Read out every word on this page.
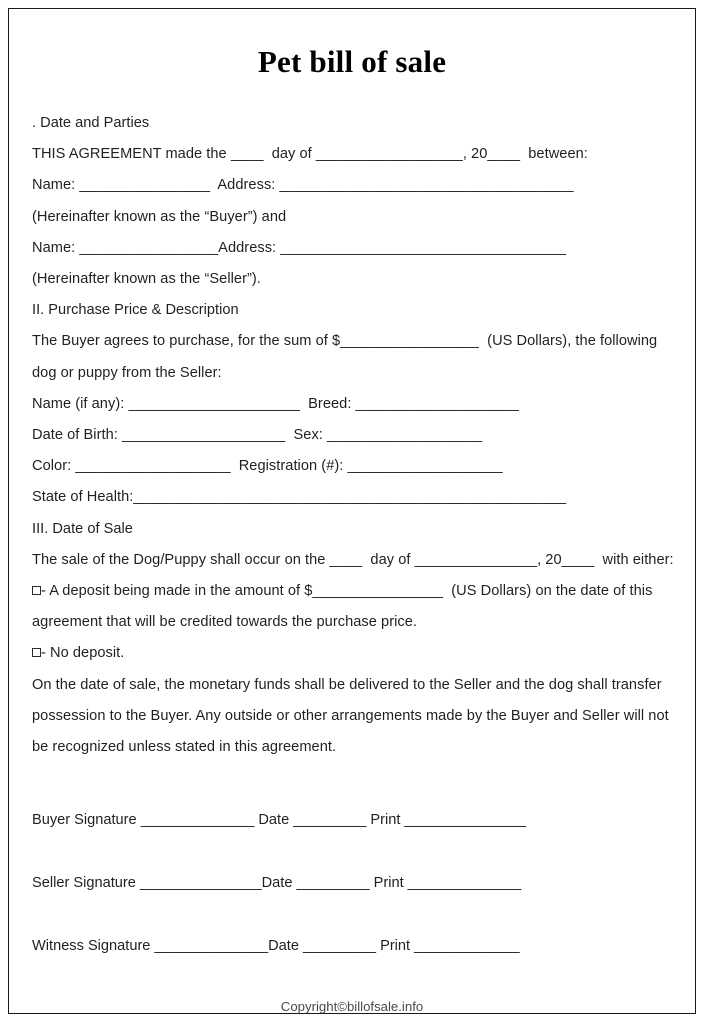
Pet bill of sale
. Date and Parties
THIS AGREEMENT made the ____  day of __________________, 20____  between:
Name: ________________  Address: ____________________________________
(Hereinafter known as the “Buyer”) and
Name: _________________Address: ___________________________________
(Hereinafter known as the “Seller”).
II. Purchase Price & Description
The Buyer agrees to purchase, for the sum of $_________________  (US Dollars), the following
dog or puppy from the Seller:
Name (if any): _____________________  Breed: ____________________
Date of Birth: ____________________  Sex: ___________________
Color: ___________________  Registration (#): ___________________
State of Health:_____________________________________________________
III. Date of Sale
The sale of the Dog/Puppy shall occur on the ____  day of _______________, 20____  with either:
- A deposit being made in the amount of $________________  (US Dollars) on the date of this
agreement that will be credited towards the purchase price.
- No deposit.
On the date of sale, the monetary funds shall be delivered to the Seller and the dog shall transfer possession to the Buyer. Any outside or other arrangements made by the Buyer and Seller will not be recognized unless stated in this agreement.
Buyer Signature ______________ Date _________ Print _______________
Seller Signature _______________Date _________ Print ______________
Witness Signature ______________Date _________ Print _____________
Copyright©billofsale.info
